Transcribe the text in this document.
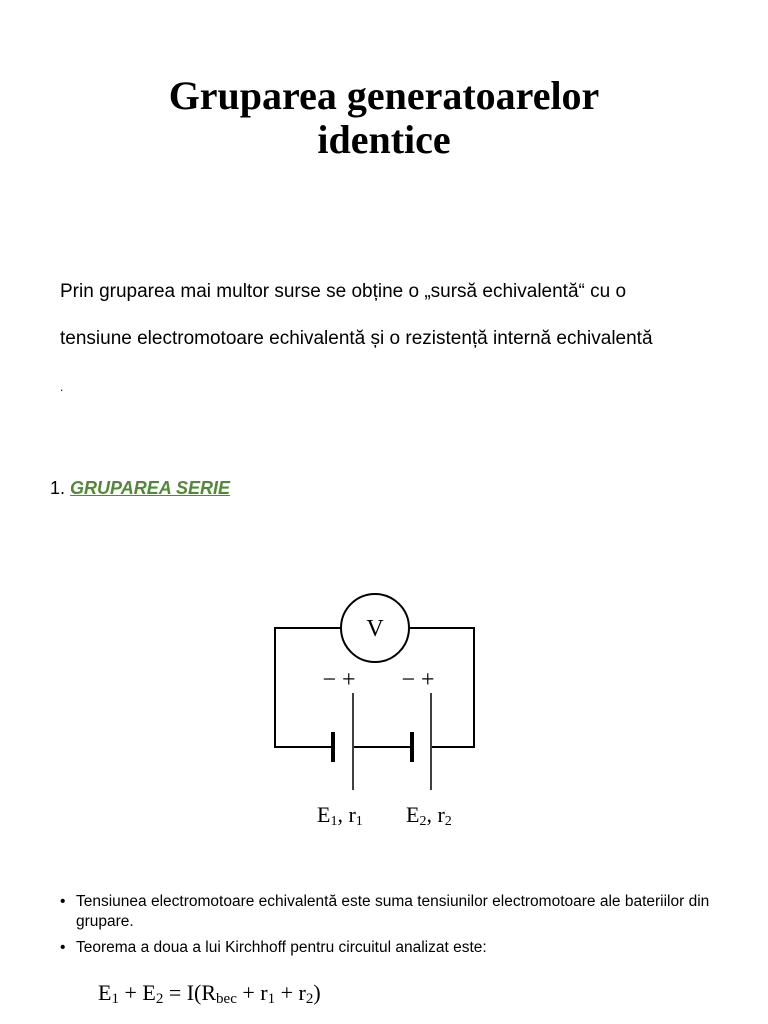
Gruparea generatoarelor
identice
Prin gruparea mai multor surse se obține o „sursă echivalentă“ cu o
tensiune electromotoare echivalentă și o rezistență internă echivalentă
.
1. GRUPAREA SERIE
V
− + − +
E1, r1 E2, r2
• Tensiunea electromotoare echivalentă este suma tensiunilor electromotoare ale bateriilor din grupare.
• Teorema a doua a lui Kirchhoff pentru circuitul analizat este:
$E_1 + E_2 = I(R_{bec} + r_1 + r_2)$
